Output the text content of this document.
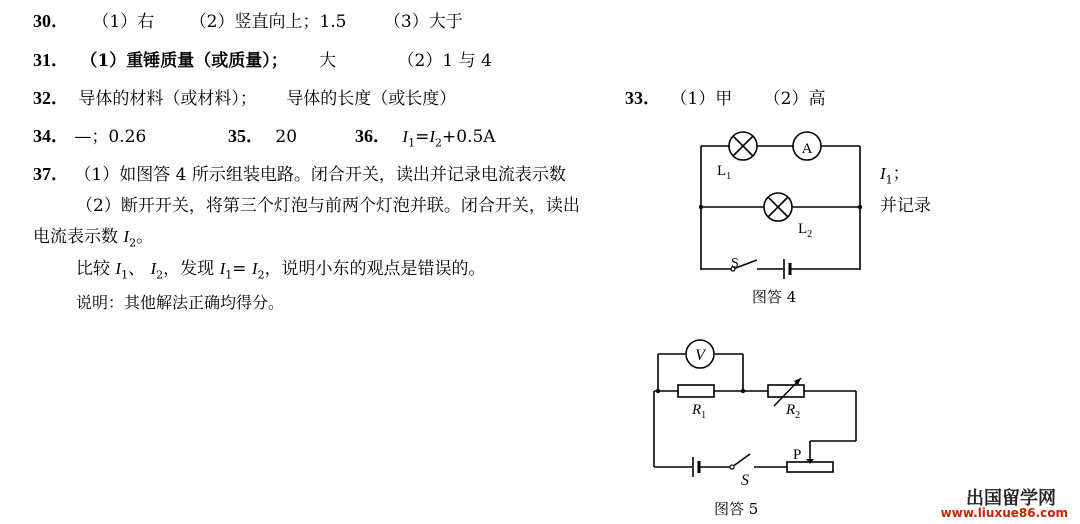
30． （1）右 （2）竖直向上；1.5 （3）大于
31． （1）重锤质量（或质量）； 大	（2）1 与 4
32． 导体的材料（或材料）； 导体的长度（或长度）	33． （1）甲 （2）高
34． —；0.26	35． 20	36． $I_1=I_2+0.5A$
37． （1）如图答 4 所示组装电路。闭合开关，读出并记录电流表示数	$I_1$；
（2）断开开关，将第三个灯泡与前两个灯泡并联。闭合开关，读出	并记录
电流表示数 $I_2$。
比较 $I_1$、 $I_2$，发现 $I_1= I_2$，说明小东的观点是错误的。
说明：其他解法正确均得分。
A
$L_1$
$L_2$
S
图答 4
V
$R_1$	$R_2$
S
P
图答 5	出国留学网
www.liuxue86.com
